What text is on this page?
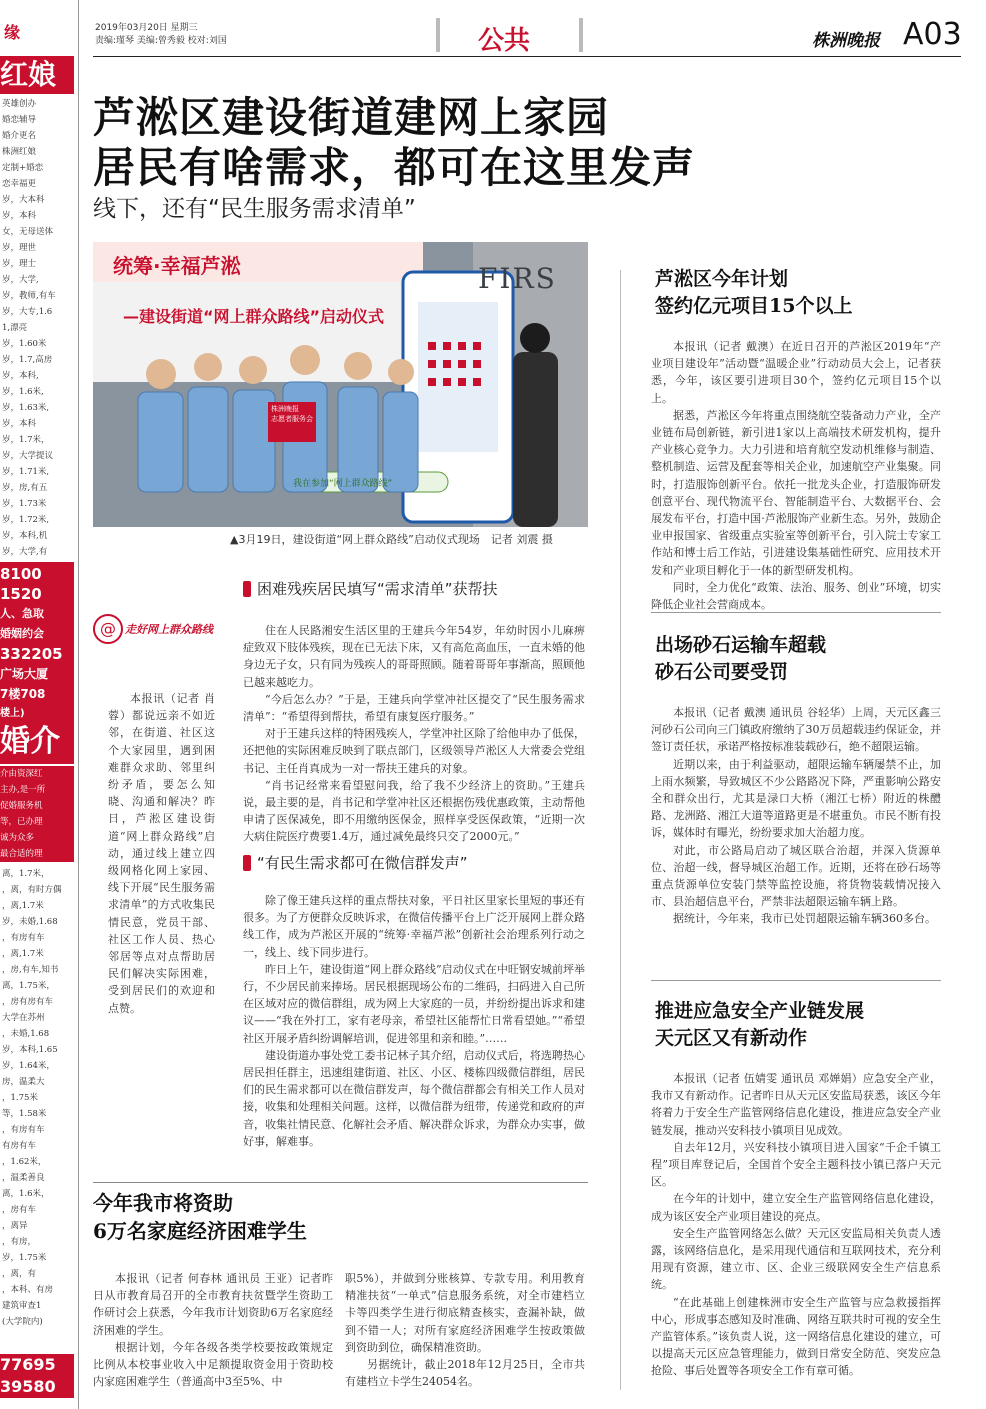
2019年03月20日 星期三
责编:瑾琴 美编:曾秀毅 校对:刘国	公共	株洲晚报 A03
缘
红娘
英雄创办
婚恋辅导
婚介更名
株洲红娘
定制+婚恋
恋幸福更
岁，大本科
岁，本科
女，无母送体
岁，理世
岁，理士
岁，大学,
岁，教师,有车
岁，大专,1.6
1,漂亮
岁，1.60米
岁，1.7,高房
岁，本科,
岁，1.6米,
岁，1.63米,
岁，本科
岁，1.7米，
岁，大学提议
岁，1.71米,
岁，房,有五
岁，1.73米
岁，1.72米,
岁，本科,机
岁，大学,有
8100
1520
人、急取
婚姻约会
332205
广场大厦
7楼708
楼上)
婚介
介由资深红
主办,是一所
促婚服务机
等，已办理
诚为众多
最合适的理
离，1.7米，
，离，有时方偶
，离,1.7米
岁，未婚,1.68
，有房有车
，离,1.7米
，房,有车,知书
离，1.75米，
，房有房有车
大学在苏州
，未婚,1.68
岁，本科,1.65
岁，1.64米，
房，温柔大
，1.75米
等，1.58米
，有房有车
有房有车
，1.62米，
，温柔善良
离，1.6米，
，房有车
，离异
，有房，
岁，1.75米
，离，有
，本科、有房
建筑审查1
(大学院内)
77695
39580
芦淞区建设街道建网上家园
居民有啥需求，都可在这里发声
线下，还有“民生服务需求清单”
统筹·幸福芦淞
—建设街道“网上群众路线”启动仪式
株洲晚报
志愿者服务会
我在参加“网上群众路线”
FIRS
▲3月19日，建设街道“网上群众路线”启动仪式现场　记者 刘震 摄
@ 走好网上群众路线

本报讯（记者 肖蓉）都说远亲不如近邻，在街道、社区这个大家园里，遇到困难群众求助、邻里纠纷矛盾，要怎么知晓、沟通和解决？昨日，芦淞区建设街道“网上群众路线”启动，通过线上建立四级网格化网上家园、线下开展“民生服务需求清单”的方式收集民情民意，党员干部、社区工作人员、热心邻居等点对点帮助居民们解决实际困难，受到居民们的欢迎和点赞。

困难残疾居民填写“需求清单”获帮扶

住在人民路湘安生活区里的王建兵今年54岁，年幼时因小儿麻痹症致双下肢体残疾，现在已无法下床，又有高危高血压，一直未婚的他身边无子女，只有同为残疾人的哥哥照顾。随着哥哥年事渐高，照顾他已越来越吃力。

“今后怎么办？”于是，王建兵向学堂冲社区提交了“民生服务需求清单”：“希望得到帮扶，希望有康复医疗服务。”

对于王建兵这样的特困残疾人，学堂冲社区除了给他申办了低保，还把他的实际困难反映到了联点部门，区级领导芦淞区人大常委会党组书记、主任肖真成为一对一帮扶王建兵的对象。

“肖书记经常来看望慰问我，给了我不少经济上的资助。”王建兵说，最主要的是，肖书记和学堂冲社区还根据伤残优惠政策，主动帮他申请了医保减免，即不用缴纳医保金，照样享受医保政策，“近期一次大病住院医疗费要1.4万，通过减免最终只交了2000元。”

“有民生需求都可在微信群发声”

除了像王建兵这样的重点帮扶对象，平日社区里家长里短的事还有很多。为了方便群众反映诉求，在微信传播平台上广泛开展网上群众路线工作，成为芦淞区开展的“统筹·幸福芦淞”创新社会治理系列行动之一，线上、线下同步进行。

昨日上午，建设街道“网上群众路线”启动仪式在中旺钢安城前坪举行，不少居民前来捧场。居民根据现场公布的二维码，扫码进入自己所在区域对应的微信群组，成为网上大家庭的一员，并纷纷提出诉求和建议——“我在外打工，家有老母亲，希望社区能帮忙日常看望她。”“希望社区开展矛盾纠纷调解培训，促进邻里和亲和睦。”……

建设街道办事处党工委书记林子其介绍，启动仪式后，将选聘热心居民担任群主，迅速组建街道、社区、小区、楼栋四级微信群组，居民们的民生需求都可以在微信群发声，每个微信群都会有相关工作人员对接，收集和处理相关问题。这样，以微信群为纽带，传递党和政府的声音，收集社情民意、化解社会矛盾、解决群众诉求，为群众办实事，做好事，解难事。

今年我市将资助
6万名家庭经济困难学生

本报讯（记者 何春林 通讯员 王亚）记者昨日从市教育局召开的全市教育扶贫暨学生资助工作研讨会上获悉，今年我市计划资助6万名家庭经济困难的学生。

根据计划，今年各级各类学校要按政策规定比例从本校事业收入中足额提取资金用于资助校内家庭困难学生（普通高中3至5%、中

职5%），并做到分账核算、专款专用。利用教育精准扶贫“一单式”信息服务系统，对全市建档立卡等四类学生进行彻底精查核实，查漏补缺，做到不错一人；对所有家庭经济困难学生按政策做到资助到位，确保精准资助。

另据统计，截止2018年12月25日，全市共有建档立卡学生24054名。

芦淞区今年计划
签约亿元项目15个以上

本报讯（记者 戴澳）在近日召开的芦淞区2019年“产业项目建设年”活动暨“温暖企业”行动动员大会上，记者获悉，今年，该区要引进项目30个，签约亿元项目15个以上。

据悉，芦淞区今年将重点围绕航空装备动力产业，全产业链布局创新链，新引进1家以上高端技术研发机构，提升产业核心竞争力。大力引进和培育航空发动机维修与制造、整机制造、运营及配套等相关企业，加速航空产业集聚。同时，打造服饰创新平台。依托一批龙头企业，打造服饰研发创意平台、现代物流平台、智能制造平台、大数据平台、会展发布平台，打造中国·芦淞服饰产业新生态。另外，鼓励企业申报国家、省级重点实验室等创新平台，引入院士专家工作站和博士后工作站，引进建设集基础性研究、应用技术开发和产业项目孵化于一体的新型研发机构。

同时，全力优化“政策、法治、服务、创业”环境，切实降低企业社会营商成本。

出场砂石运输车超载
砂石公司要受罚

本报讯（记者 戴澳 通讯员 谷轻华）上周，天元区鑫三河砂石公司向三门镇政府缴纳了30万员超载违约保证金，并签订责任状，承诺严格按标准装载砂石，绝不超限运输。

近期以来，由于利益驱动，超限运输车辆屡禁不止，加上雨水频繁，导致城区不少公路路况下降，严重影响公路安全和群众出行，尤其是渌口大桥（湘江七桥）附近的株醴路、龙洲路、湘江大道等道路更是不堪重负。市民不断有投诉，媒体时有曝光，纷纷要求加大治超力度。

对此，市公路局启动了城区联合治超，并深入货源单位、治超一线，督导城区治超工作。近期，还将在砂石场等重点货源单位安装门禁等监控设施，将货物装载情况接入市、县治超信息平台，严禁非法超限运输车辆上路。

据统计，今年来，我市已处罚超限运输车辆360多台。

推进应急安全产业链发展
天元区又有新动作

本报讯（记者 伍婧雯 通讯员 邓婵娟）应急安全产业，我市又有新动作。记者昨日从天元区安监局获悉，该区今年将着力于安全生产监管网络信息化建设，推进应急安全产业链发展，推动兴安科技小镇项目见成效。

自去年12月，兴安科技小镇项目进入国家“千企千镇工程”项目库登记后，全国首个安全主题科技小镇已落户天元区。

在今年的计划中，建立安全生产监管网络信息化建设，成为该区安全产业项目建设的亮点。

安全生产监管网络怎么做？天元区安监局相关负责人透露，该网络信息化，是采用现代通信和互联网技术，充分利用现有资源，建立市、区、企业三级联网安全生产信息系统。

“在此基础上创建株洲市安全生产监管与应急救援指挥中心，形成事态感知及时准确、网络互联共时可视的安全生产监管体系。”该负责人说，这一网络信息化建设的建立，可以提高天元区应急管理能力，做到日常安全防范、突发应急抢险、事后处置等各项安全工作有章可循。
